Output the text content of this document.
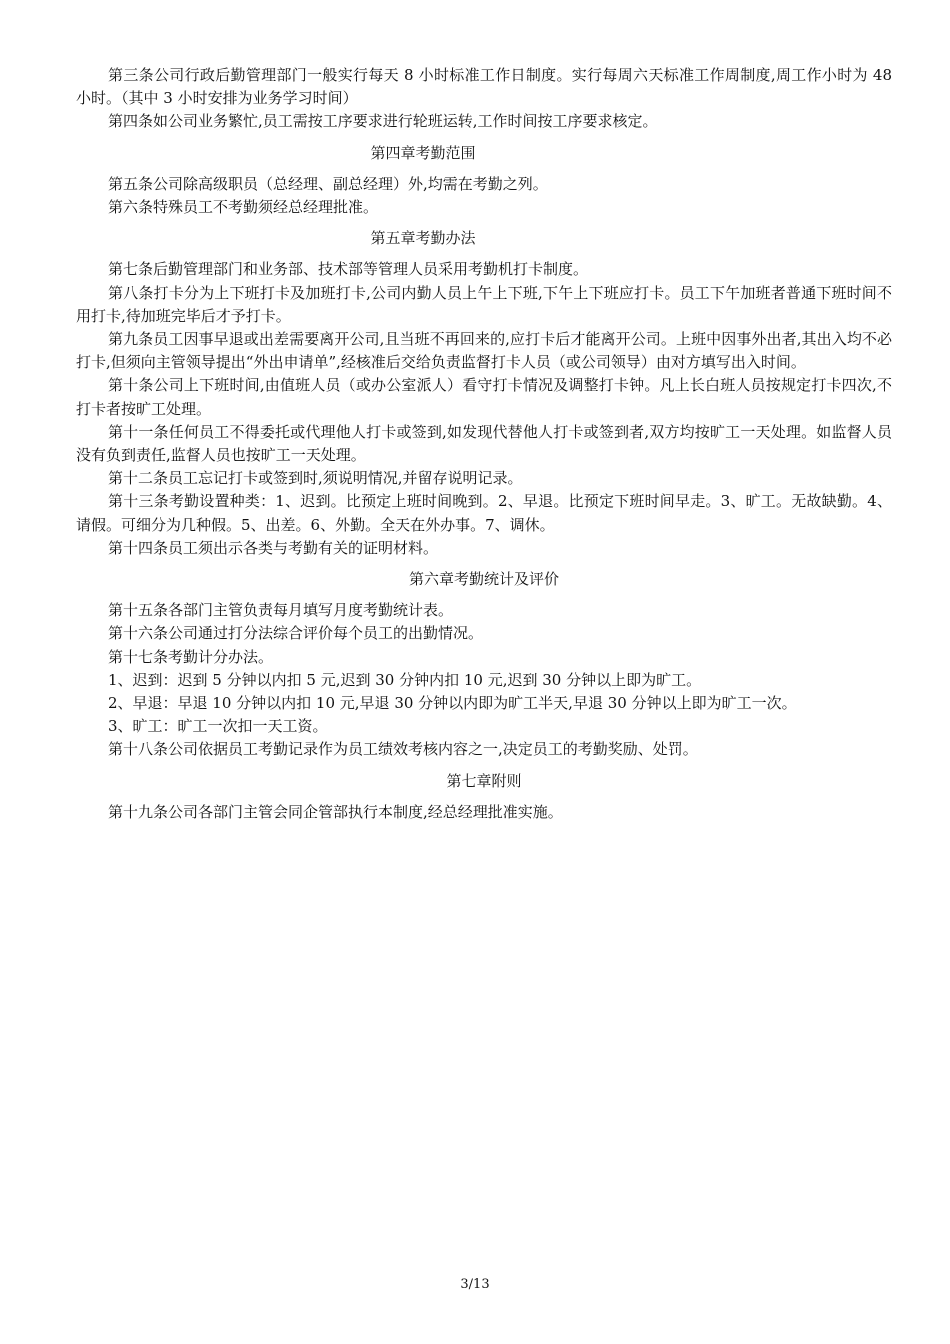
第三条公司行政后勤管理部门一般实行每天 8 小时标准工作日制度。实行每周六天标准工作周制度,周工作小时为 48 小时。（其中 3 小时安排为业务学习时间）

第四条如公司业务繁忙,员工需按工序要求进行轮班运转,工作时间按工序要求核定。

第四章考勤范围

第五条公司除高级职员（总经理、副总经理）外,均需在考勤之列。

第六条特殊员工不考勤须经总经理批准。

第五章考勤办法

第七条后勤管理部门和业务部、技术部等管理人员采用考勤机打卡制度。

第八条打卡分为上下班打卡及加班打卡,公司内勤人员上午上下班,下午上下班应打卡。员工下午加班者普通下班时间不用打卡,待加班完毕后才予打卡。

第九条员工因事早退或出差需要离开公司,且当班不再回来的,应打卡后才能离开公司。上班中因事外出者,其出入均不必打卡,但须向主管领导提出“外出申请单”,经核准后交给负责监督打卡人员（或公司领导）由对方填写出入时间。

第十条公司上下班时间,由值班人员（或办公室派人）看守打卡情况及调整打卡钟。凡上长白班人员按规定打卡四次,不打卡者按旷工处理。

第十一条任何员工不得委托或代理他人打卡或签到,如发现代替他人打卡或签到者,双方均按旷工一天处理。如监督人员没有负到责任,监督人员也按旷工一天处理。

第十二条员工忘记打卡或签到时,须说明情况,并留存说明记录。

第十三条考勤设置种类：1、迟到。比预定上班时间晚到。2、早退。比预定下班时间早走。3、旷工。无故缺勤。4、请假。可细分为几种假。5、出差。6、外勤。全天在外办事。7、调休。

第十四条员工须出示各类与考勤有关的证明材料。

第六章考勤统计及评价

第十五条各部门主管负责每月填写月度考勤统计表。

第十六条公司通过打分法综合评价每个员工的出勤情况。

第十七条考勤计分办法。

1、迟到：迟到 5 分钟以内扣 5 元,迟到 30 分钟内扣 10 元,迟到 30 分钟以上即为旷工。

2、早退：早退 10 分钟以内扣 10 元,早退 30 分钟以内即为旷工半天,早退 30 分钟以上即为旷工一次。

3、旷工：旷工一次扣一天工资。

第十八条公司依据员工考勤记录作为员工绩效考核内容之一,决定员工的考勤奖励、处罚。

第七章附则

第十九条公司各部门主管会同企管部执行本制度,经总经理批准实施。

3/13
